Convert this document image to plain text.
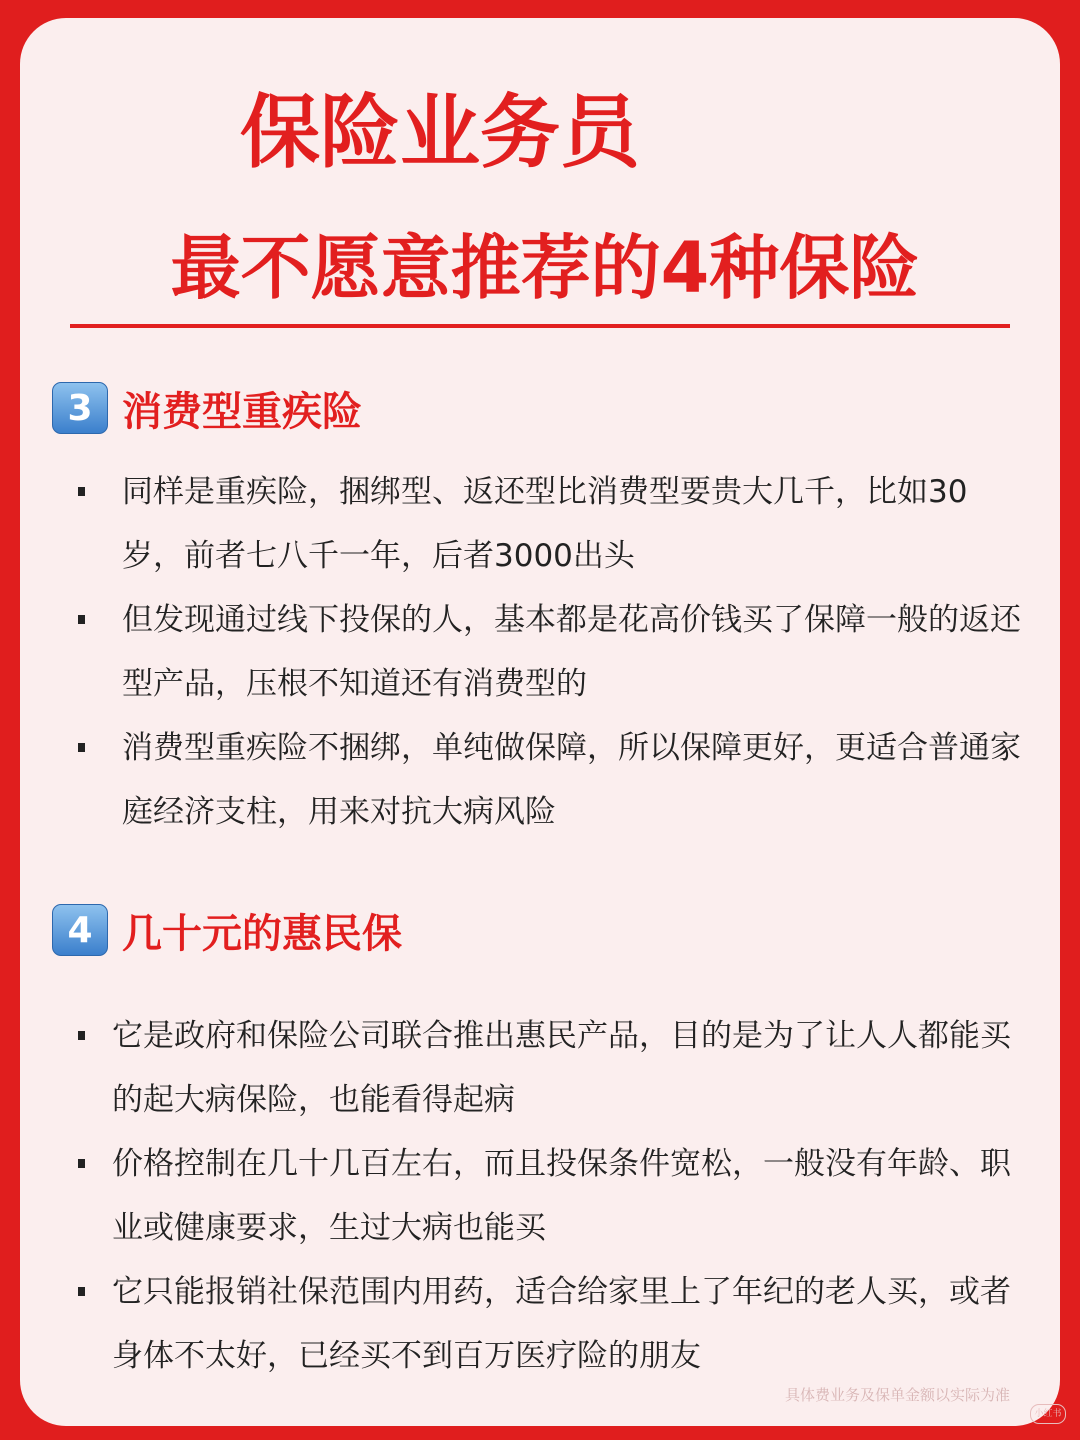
保险业务员
最不愿意推荐的4种保险
3 消费型重疾险
同样是重疾险，捆绑型、返还型比消费型要贵大几千，比如30岁，前者七八千一年，后者3000出头
但发现通过线下投保的人，基本都是花高价钱买了保障一般的返还型产品，压根不知道还有消费型的
消费型重疾险不捆绑，单纯做保障，所以保障更好，更适合普通家庭经济支柱，用来对抗大病风险
4 几十元的惠民保
它是政府和保险公司联合推出惠民产品，目的是为了让人人都能买的起大病保险，也能看得起病
价格控制在几十几百左右，而且投保条件宽松，一般没有年龄、职业或健康要求，生过大病也能买
它只能报销社保范围内用药，适合给家里上了年纪的老人买，或者身体不太好，已经买不到百万医疗险的朋友
具体费业务及保单金额以实际为准
小红书
